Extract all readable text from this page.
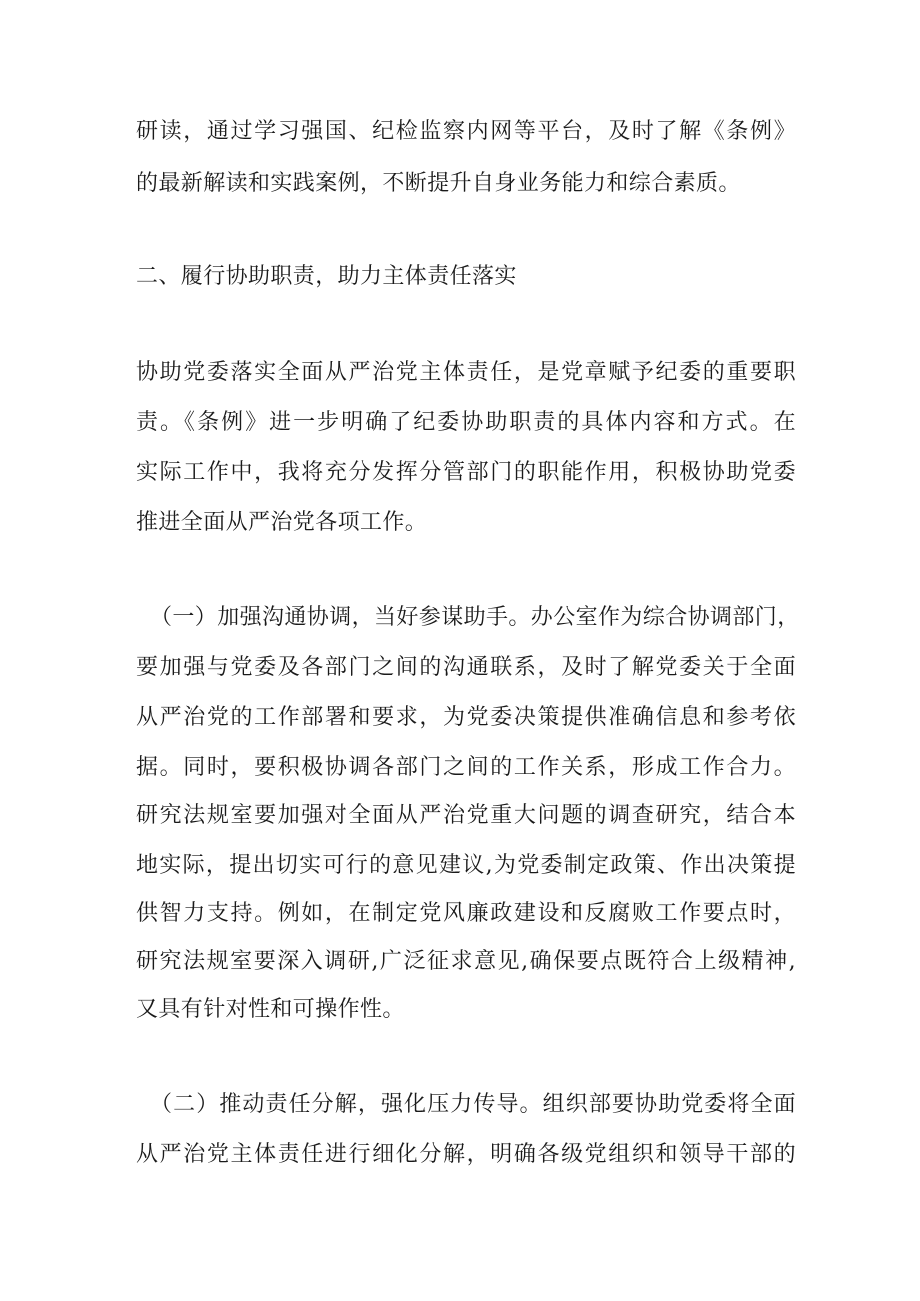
研读，通过学习强国、纪检监察内网等平台，及时了解《条例》
的最新解读和实践案例，不断提升自身业务能力和综合素质。
二、履行协助职责，助力主体责任落实
协助党委落实全面从严治党主体责任，是党章赋予纪委的重要职
责。《条例》进一步明确了纪委协助职责的具体内容和方式。在
实际工作中，我将充分发挥分管部门的职能作用，积极协助党委
推进全面从严治党各项工作。
（一）加强沟通协调，当好参谋助手。办公室作为综合协调部门，
要加强与党委及各部门之间的沟通联系，及时了解党委关于全面
从严治党的工作部署和要求，为党委决策提供准确信息和参考依
据。同时，要积极协调各部门之间的工作关系，形成工作合力。
研究法规室要加强对全面从严治党重大问题的调查研究，结合本
地实际，提出切实可行的意见建议,为党委制定政策、作出决策提
供智力支持。例如，在制定党风廉政建设和反腐败工作要点时，
研究法规室要深入调研,广泛征求意见,确保要点既符合上级精神,
又具有针对性和可操作性。
（二）推动责任分解，强化压力传导。组织部要协助党委将全面
从严治党主体责任进行细化分解，明确各级党组织和领导干部的
